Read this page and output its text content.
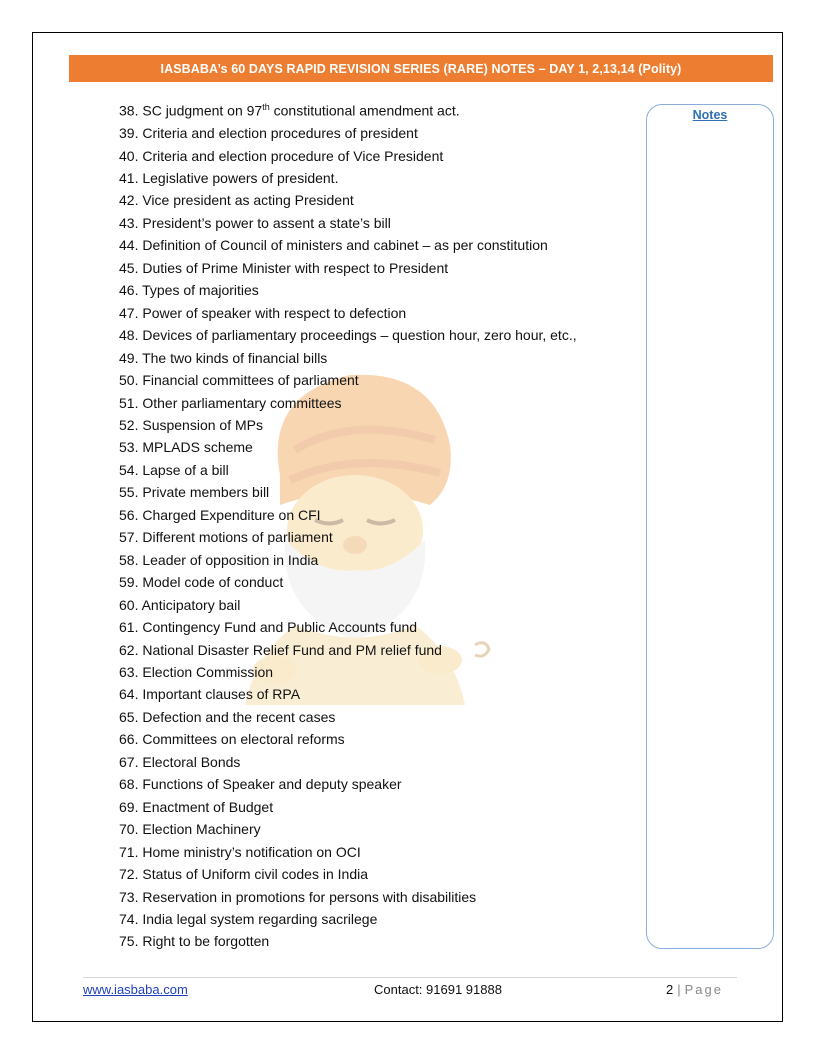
IASBABA’s 60 DAYS RAPID REVISION SERIES (RARE) NOTES – DAY 1, 2,13,14 (Polity)
38. SC judgment on 97th constitutional amendment act.
39. Criteria and election procedures of president
40. Criteria and election procedure of Vice President
41. Legislative powers of president.
42. Vice president as acting President
43. President’s power to assent a state’s bill
44. Definition of Council of ministers and cabinet – as per constitution
45. Duties of Prime Minister with respect to President
46. Types of majorities
47. Power of speaker with respect to defection
48. Devices of parliamentary proceedings – question hour, zero hour, etc.,
49. The two kinds of financial bills
50. Financial committees of parliament
51. Other parliamentary committees
52. Suspension of MPs
53. MPLADS scheme
54. Lapse of a bill
55. Private members bill
56. Charged Expenditure on CFI
57. Different motions of parliament
58. Leader of opposition in India
59. Model code of conduct
60. Anticipatory bail
61. Contingency Fund and Public Accounts fund
62. National Disaster Relief Fund and PM relief fund
63. Election Commission
64. Important clauses of RPA
65. Defection and the recent cases
66. Committees on electoral reforms
67. Electoral Bonds
68. Functions of Speaker and deputy speaker
69. Enactment of Budget
70. Election Machinery
71. Home ministry’s notification on OCI
72. Status of Uniform civil codes in India
73. Reservation in promotions for persons with disabilities
74. India legal system regarding sacrilege
75. Right to be forgotten
Notes
www.iasbaba.com	Contact: 91691 91888	2 | Page
